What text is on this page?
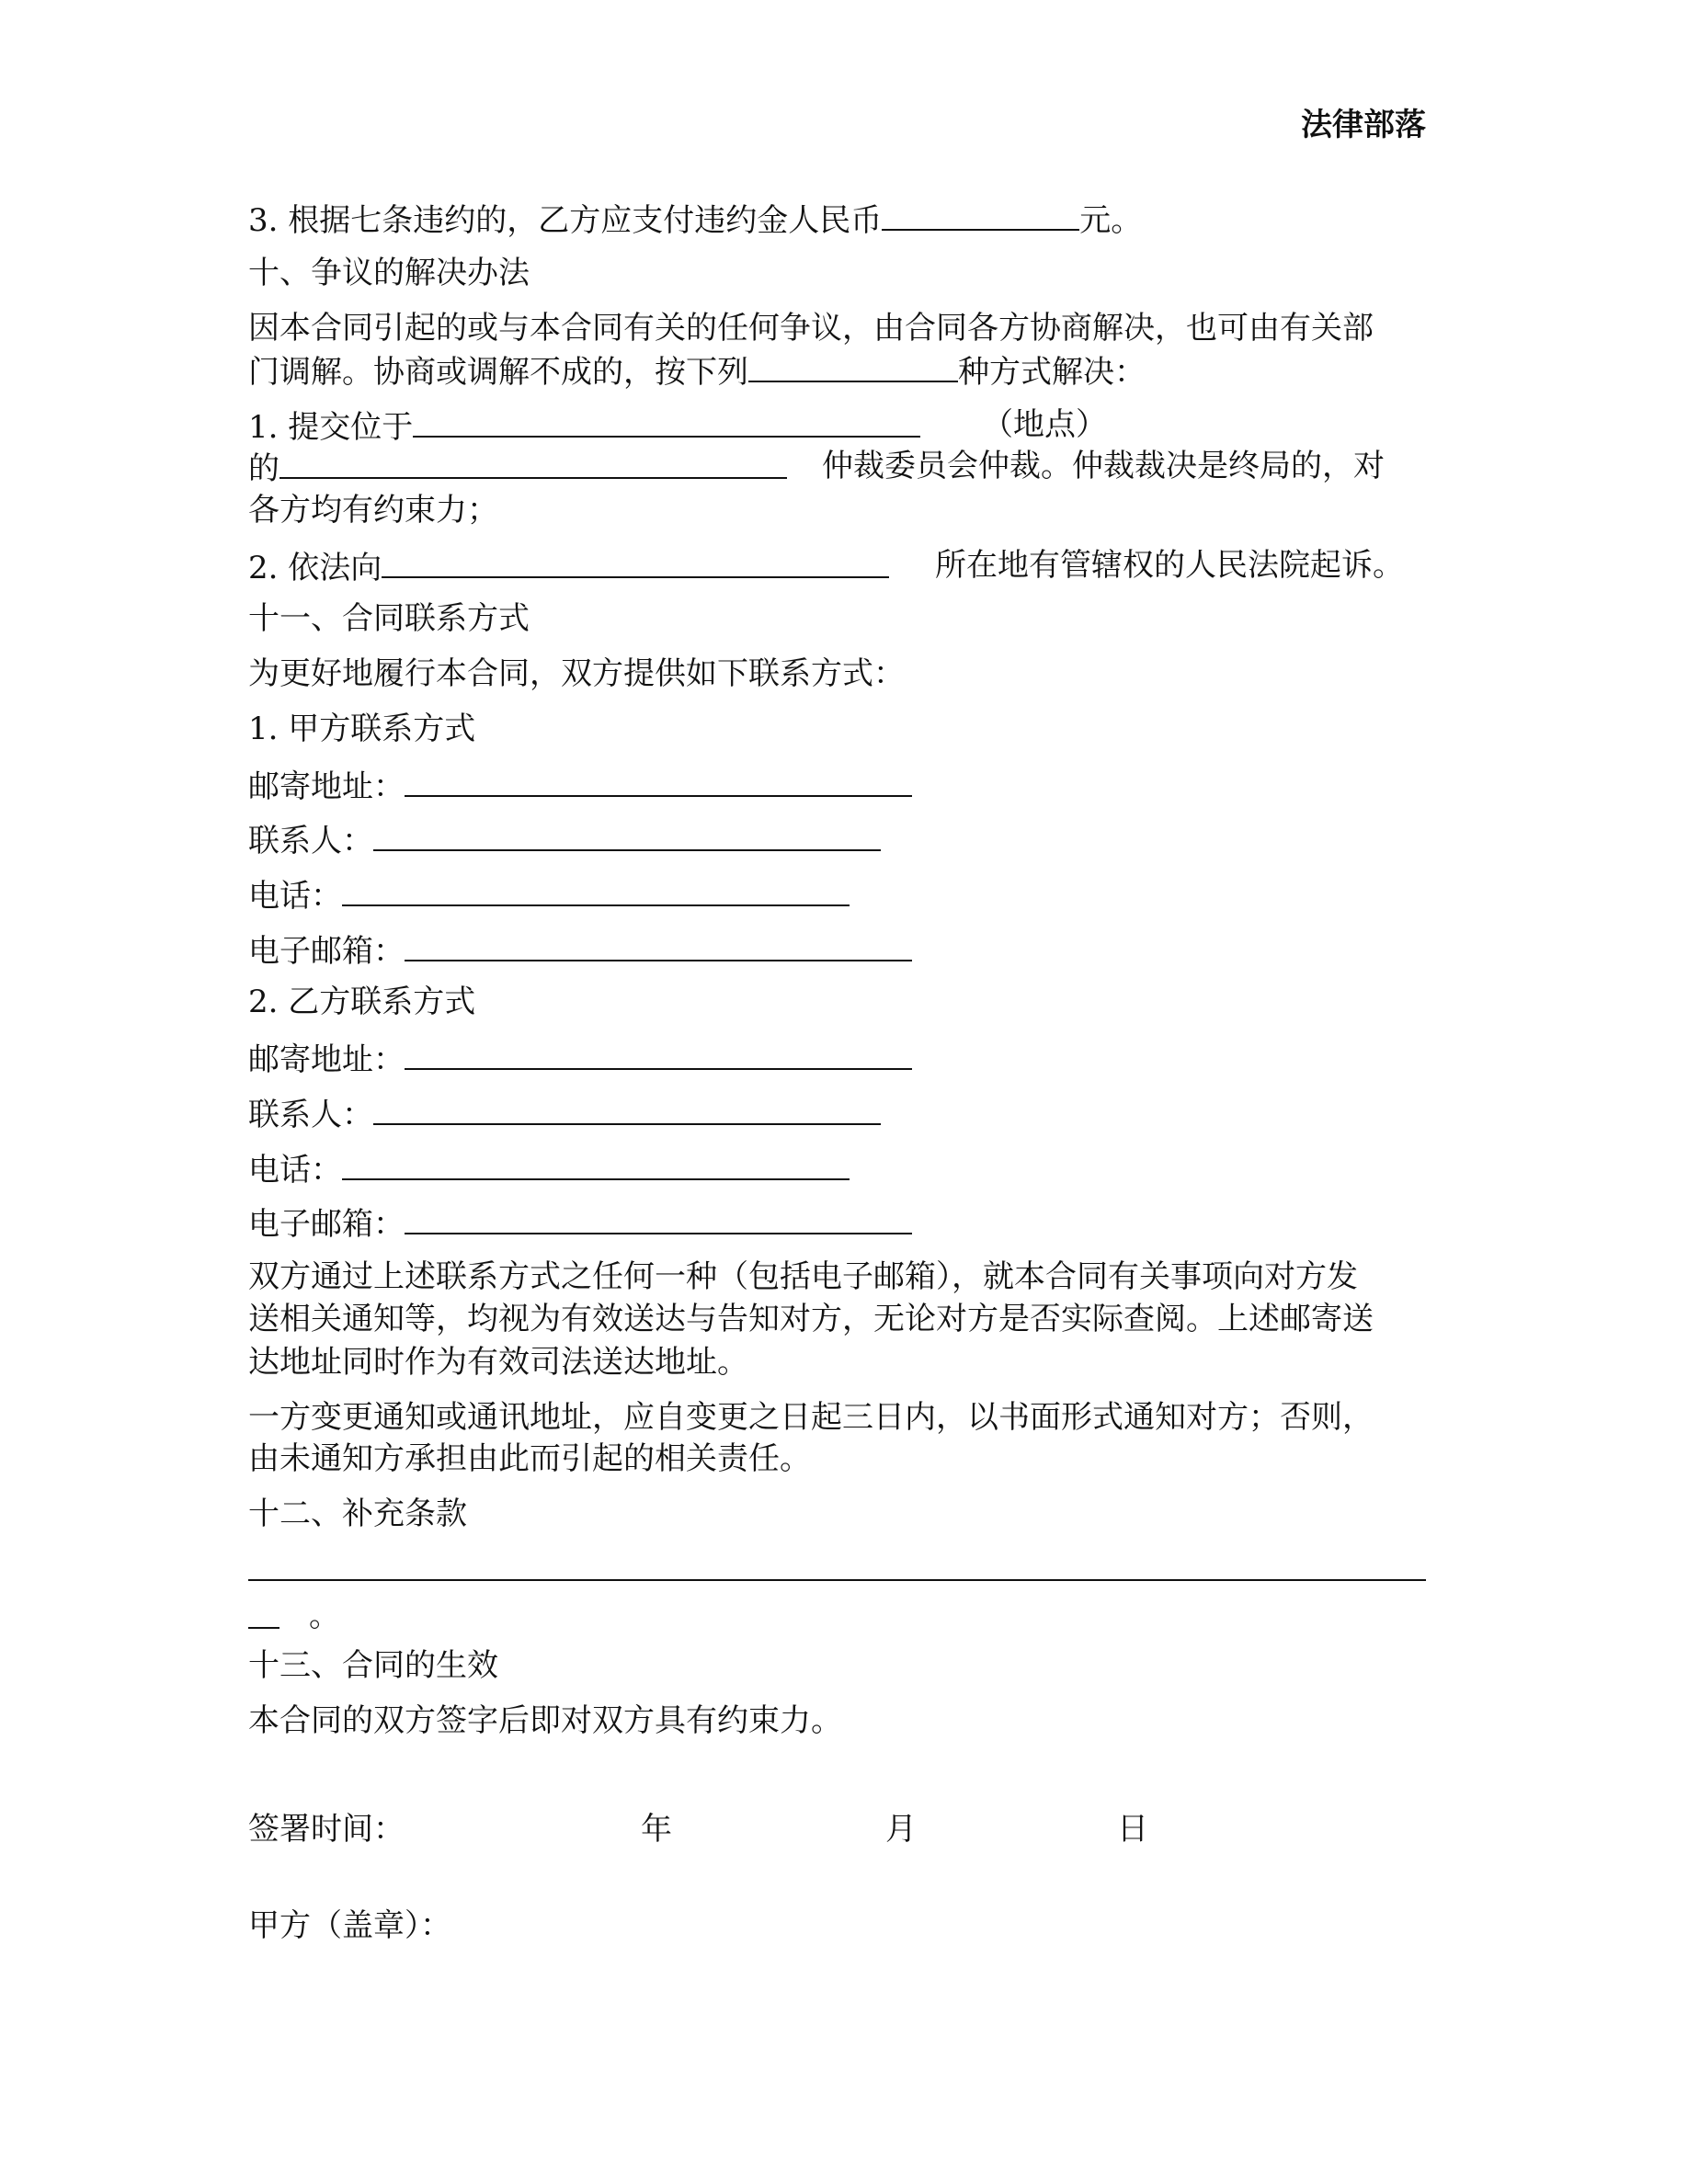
法律部落
3. 根据七条违约的，乙方应支付违约金人民币	元。
十、争议的解决办法
因本合同引起的或与本合同有关的任何争议，由合同各方协商解决，也可由有关部
门调解。协商或调解不成的，按下列	种方式解决：
1. 提交位于	（地点）
的	仲裁委员会仲裁。仲裁裁决是终局的，对
各方均有约束力；
2. 依法向	所在地有管辖权的人民法院起诉。
十一、合同联系方式
为更好地履行本合同，双方提供如下联系方式：
1. 甲方联系方式
邮寄地址：
联系人：
电话：
电子邮箱：
2. 乙方联系方式
邮寄地址：
联系人：
电话：
电子邮箱：
双方通过上述联系方式之任何一种（包括电子邮箱），就本合同有关事项向对方发
送相关通知等，均视为有效送达与告知对方，无论对方是否实际查阅。上述邮寄送
达地址同时作为有效司法送达地址。
一方变更通知或通讯地址，应自变更之日起三日内，以书面形式通知对方；否则，
由未通知方承担由此而引起的相关责任。
十二、补充条款
。
十三、合同的生效
本合同的双方签字后即对双方具有约束力。
签署时间：	年	月	日
甲方（盖章）：
